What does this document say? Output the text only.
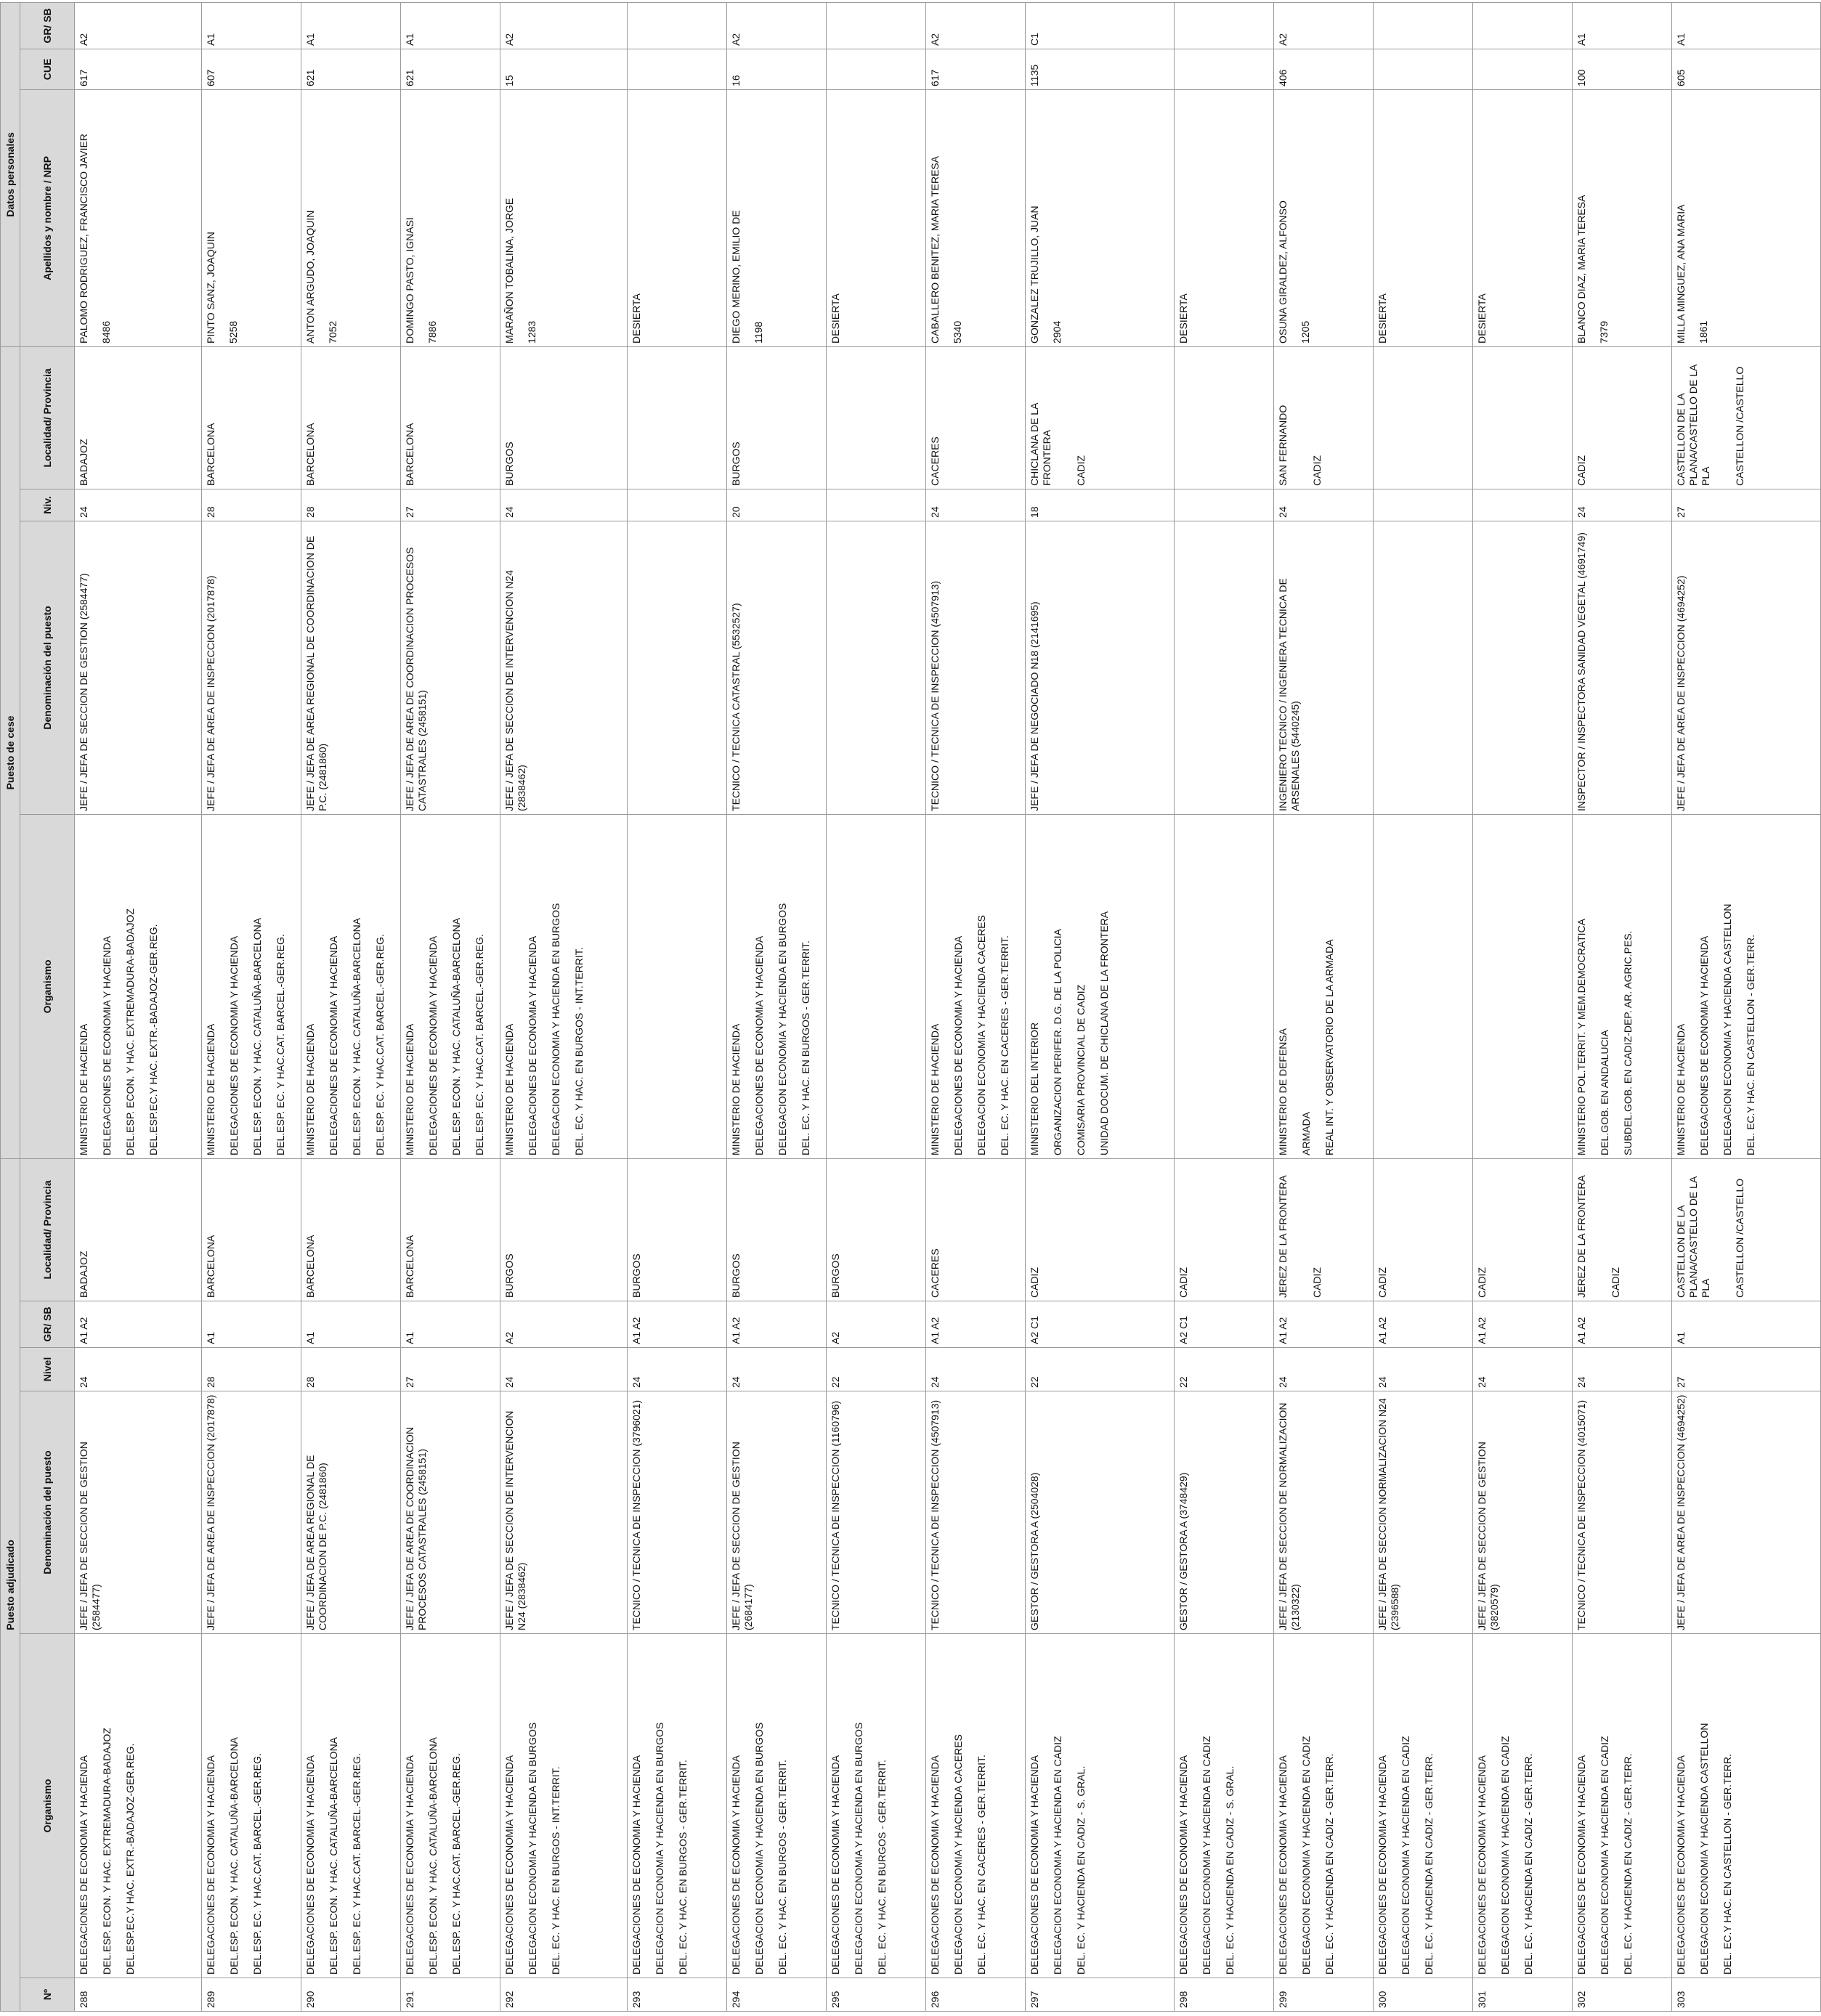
Puesto adjudicado						Puesto de cese				Datos personales		
Nº	Organismo	Denominación del puesto	Nivel	GR/ SB	Localidad/ Provincia	Organismo	Denominación del puesto	Niv.	Localidad/ Provincia	Apellidos y nombre / NRP	CUE	GR/ SB
288	DELEGACIONES DE ECONOMIA Y HACIENDA DEL.ESP. ECON. Y HAC. EXTREMADURA-BADAJOZ DEL.ESP.EC.Y HAC. EXTR.-BADAJOZ-GER.REG.	JEFE / JEFA DE SECCION DE GESTION (2584477)	24	A1 A2	BADAJOZ	MINISTERIO DE HACIENDA DELEGACIONES DE ECONOMIA Y HACIENDA DEL.ESP. ECON. Y HAC. EXTREMADURA-BADAJOZ DEL.ESP.EC.Y HAC. EXTR.-BADAJOZ-GER.REG.	JEFE / JEFA DE SECCION DE GESTION (2584477)	24	BADAJOZ	PALOMO RODRIGUEZ, FRANCISCO JAVIER 8486	617	A2
289	DELEGACIONES DE ECONOMIA Y HACIENDA DEL.ESP. ECON. Y HAC. CATALUÑA-BARCELONA DEL.ESP. EC. Y HAC.CAT. BARCEL.-GER.REG.	JEFE / JEFA DE AREA DE INSPECCION (2017878)	28	A1	BARCELONA	MINISTERIO DE HACIENDA DELEGACIONES DE ECONOMIA Y HACIENDA DEL.ESP. ECON. Y HAC. CATALUÑA-BARCELONA DEL.ESP. EC. Y HAC.CAT. BARCEL.-GER.REG.	JEFE / JEFA DE AREA DE INSPECCION (2017878)	28	BARCELONA	PINTO SANZ, JOAQUIN 5258	607	A1
290	DELEGACIONES DE ECONOMIA Y HACIENDA DEL.ESP. ECON. Y HAC. CATALUÑA-BARCELONA DEL.ESP. EC. Y HAC.CAT. BARCEL.-GER.REG.	JEFE / JEFA DE AREA REGIONAL DE COORDINACION DE P.C. (2481860)	28	A1	BARCELONA	MINISTERIO DE HACIENDA DELEGACIONES DE ECONOMIA Y HACIENDA DEL.ESP. ECON. Y HAC. CATALUÑA-BARCELONA DEL.ESP. EC. Y HAC.CAT. BARCEL.-GER.REG.	JEFE / JEFA DE AREA REGIONAL DE COORDINACION DE P.C. (2481860)	28	BARCELONA	ANTON ARGUDO, JOAQUIN 7052	621	A1
291	DELEGACIONES DE ECONOMIA Y HACIENDA DEL.ESP. ECON. Y HAC. CATALUÑA-BARCELONA DEL.ESP. EC. Y HAC.CAT. BARCEL.-GER.REG.	JEFE / JEFA DE AREA DE COORDINACION PROCESOS CATASTRALES (2458151)	27	A1	BARCELONA	MINISTERIO DE HACIENDA DELEGACIONES DE ECONOMIA Y HACIENDA DEL.ESP. ECON. Y HAC. CATALUÑA-BARCELONA DEL.ESP. EC. Y HAC.CAT. BARCEL.-GER.REG.	JEFE / JEFA DE AREA DE COORDINACION PROCESOS CATASTRALES (2458151)	27	BARCELONA	DOMINGO PASTO, IGNASI 7886	621	A1
292	DELEGACIONES DE ECONOMIA Y HACIENDA DELEGACION ECONOMIA Y HACIENDA EN BURGOS DEL. EC. Y HAC. EN BURGOS - INT.TERRIT.	JEFE / JEFA DE SECCION DE INTERVENCION N24 (2838462)	24	A2	BURGOS	MINISTERIO DE HACIENDA DELEGACIONES DE ECONOMIA Y HACIENDA DELEGACION ECONOMIA Y HACIENDA EN BURGOS DEL. EC. Y HAC. EN BURGOS - INT.TERRIT.	JEFE / JEFA DE SECCION DE INTERVENCION N24 (2838462)	24	BURGOS	MARAÑON TOBALINA, JORGE 1283	15	A2
293	DELEGACIONES DE ECONOMIA Y HACIENDA DELEGACION ECONOMIA Y HACIENDA EN BURGOS DEL. EC. Y HAC. EN BURGOS - GER.TERRIT.	TECNICO / TECNICA DE INSPECCION (3796021)	24	A1 A2	BURGOS					DESIERTA		
294	DELEGACIONES DE ECONOMIA Y HACIENDA DELEGACION ECONOMIA Y HACIENDA EN BURGOS DEL. EC. Y HAC. EN BURGOS - GER.TERRIT.	JEFE / JEFA DE SECCION DE GESTION (2684177)	24	A1 A2	BURGOS	MINISTERIO DE HACIENDA DELEGACIONES DE ECONOMIA Y HACIENDA DELEGACION ECONOMIA Y HACIENDA EN BURGOS DEL. EC. Y HAC. EN BURGOS - GER.TERRIT.	TECNICO / TECNICA CATASTRAL (5532527)	20	BURGOS	DIEGO MERINO, EMILIO DE 1198	16	A2
295	DELEGACIONES DE ECONOMIA Y HACIENDA DELEGACION ECONOMIA Y HACIENDA EN BURGOS DEL. EC. Y HAC. EN BURGOS - GER.TERRIT.	TECNICO / TECNICA DE INSPECCION (1160796)	22	A2	BURGOS					DESIERTA		
296	DELEGACIONES DE ECONOMIA Y HACIENDA DELEGACION ECONOMIA Y HACIENDA CACERES DEL. EC. Y HAC. EN CACERES - GER.TERRIT.	TECNICO / TECNICA DE INSPECCION (4507913)	24	A1 A2	CACERES	MINISTERIO DE HACIENDA DELEGACIONES DE ECONOMIA Y HACIENDA DELEGACION ECONOMIA Y HACIENDA CACERES DEL. EC. Y HAC. EN CACERES - GER.TERRIT.	TECNICO / TECNICA DE INSPECCION (4507913)	24	CACERES	CABALLERO BENITEZ, MARIA TERESA 5340	617	A2
297	DELEGACIONES DE ECONOMIA Y HACIENDA DELEGACION ECONOMIA Y HACIENDA EN CADIZ DEL. EC. Y HACIENDA EN CADIZ - S. GRAL.	GESTOR / GESTORA A (2504028)	22	A2 C1	CADIZ	MINISTERIO DEL INTERIOR ORGANIZACION PERIFER. D.G. DE LA POLICIA COMISARIA PROVINCIAL DE CADIZ UNIDAD DOCUM. DE CHICLANA DE LA FRONTERA	JEFE / JEFA DE NEGOCIADO N18 (2141695)	18	CHICLANA DE LA FRONTERA CADIZ	GONZALEZ TRUJILLO, JUAN 2904	1135	C1
298	DELEGACIONES DE ECONOMIA Y HACIENDA DELEGACION ECONOMIA Y HACIENDA EN CADIZ DEL. EC. Y HACIENDA EN CADIZ - S. GRAL.	GESTOR / GESTORA A (3748429)	22	A2 C1	CADIZ					DESIERTA		
299	DELEGACIONES DE ECONOMIA Y HACIENDA DELEGACION ECONOMIA Y HACIENDA EN CADIZ DEL. EC. Y HACIENDA EN CADIZ - GER.TERR.	JEFE / JEFA DE SECCION DE NORMALIZACION (2130322)	24	A1 A2	JEREZ DE LA FRONTERA CADIZ	MINISTERIO DE DEFENSA ARMADA REAL INT. Y OBSERVATORIO DE LA ARMADA	INGENIERO TECNICO / INGENIERA TECNICA DE ARSENALES (5440245)	24	SAN FERNANDO CADIZ	OSUNA GIRALDEZ, ALFONSO 1205	406	A2
300	DELEGACIONES DE ECONOMIA Y HACIENDA DELEGACION ECONOMIA Y HACIENDA EN CADIZ DEL. EC. Y HACIENDA EN CADIZ - GER.TERR.	JEFE / JEFA DE SECCION NORMALIZACION N24 (2396588)	24	A1 A2	CADIZ					DESIERTA		
301	DELEGACIONES DE ECONOMIA Y HACIENDA DELEGACION ECONOMIA Y HACIENDA EN CADIZ DEL. EC. Y HACIENDA EN CADIZ - GER.TERR.	JEFE / JEFA DE SECCION DE GESTION (3820579)	24	A1 A2	CADIZ					DESIERTA		
302	DELEGACIONES DE ECONOMIA Y HACIENDA DELEGACION ECONOMIA Y HACIENDA EN CADIZ DEL. EC. Y HACIENDA EN CADIZ - GER.TERR.	TECNICO / TECNICA DE INSPECCION (4015071)	24	A1 A2	JEREZ DE LA FRONTERA CADIZ	MINISTERIO POL.TERRIT. Y MEM.DEMOCRATICA DEL.GOB. EN ANDALUCIA SUBDEL.GOB. EN CADIZ-DEP. AR. AGRIC.PES.	INSPECTOR / INSPECTORA SANIDAD VEGETAL (4691749)	24	CADIZ	BLANCO DIAZ, MARIA TERESA 7379	100	A1
303	DELEGACIONES DE ECONOMIA Y HACIENDA DELEGACION ECONOMIA Y HACIENDA CASTELLON DEL. EC.Y HAC. EN CASTELLON - GER.TERR.	JEFE / JEFA DE AREA DE INSPECCION (4694252)	27	A1	CASTELLON DE LA PLANA/CASTELLO DE LA PLA CASTELLON /CASTELLO	MINISTERIO DE HACIENDA DELEGACIONES DE ECONOMIA Y HACIENDA DELEGACION ECONOMIA Y HACIENDA CASTELLON DEL. EC.Y HAC. EN CASTELLON - GER.TERR.	JEFE / JEFA DE AREA DE INSPECCION (4694252)	27	CASTELLON DE LA PLANA/CASTELLO DE LA PLA CASTELLON /CASTELLO	MILLA MINGUEZ, ANA MARIA 1861	605	A1
